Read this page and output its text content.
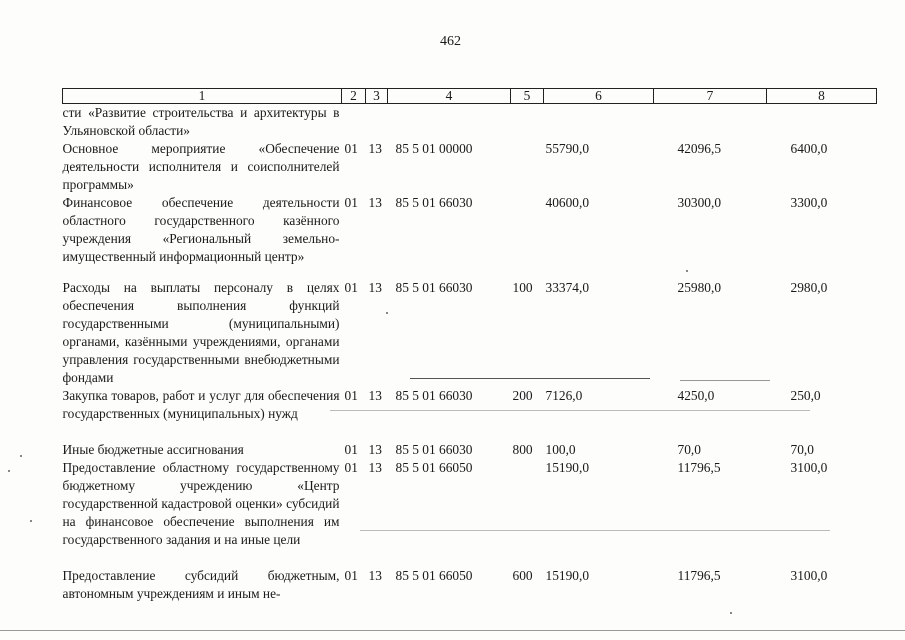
462
1	2	3	4	5	6	7	8
сти «Развитие строительства и архитектуры в Ульяновской области»							
Основное мероприятие «Обеспечение деятельности исполнителя и соисполнителей программы»	01	13	85 5 01 00000		55790,0	42096,5	6400,0
Финансовое обеспечение деятельности областного государственного казённого учреждения «Региональный земельно-имущественный информационный центр»	01	13	85 5 01 66030		40600,0	30300,0	3300,0
Расходы на выплаты персоналу в целях обеспечения выполнения функций государственными (муниципальными) органами, казёнными учреждениями, органами управления государственными внебюджетными фондами	01	13	85 5 01 66030	100	33374,0	25980,0	2980,0
Закупка товаров, работ и услуг для обеспечения государственных (муниципальных) нужд	01	13	85 5 01 66030	200	7126,0	4250,0	250,0
Иные бюджетные ассигнования	01	13	85 5 01 66030	800	100,0	70,0	70,0
Предоставление областному государственному бюджетному учреждению «Центр государственной кадастровой оценки» субсидий на финансовое обеспечение выполнения им государственного задания и на иные цели	01	13	85 5 01 66050		15190,0	11796,5	3100,0
Предоставление субсидий бюджетным, автономным учреждениям и иным не-	01	13	85 5 01 66050	600	15190,0	11796,5	3100,0
